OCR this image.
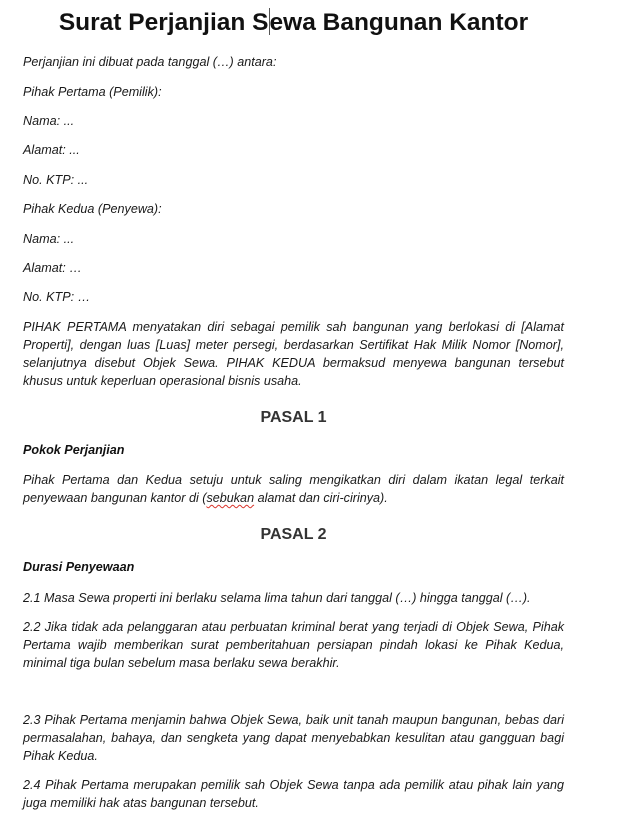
Surat Perjanjian Sewa Bangunan Kantor
Perjanjian ini dibuat pada tanggal (…) antara:
Pihak Pertama (Pemilik):
Nama: ...
Alamat: ...
No. KTP: ...
Pihak Kedua (Penyewa):
Nama: ...
Alamat: …
No. KTP: …
PIHAK PERTAMA menyatakan diri sebagai pemilik sah bangunan yang berlokasi di [Alamat Properti], dengan luas [Luas] meter persegi, berdasarkan Sertifikat Hak Milik Nomor [Nomor], selanjutnya disebut Objek Sewa. PIHAK KEDUA bermaksud menyewa bangunan tersebut khusus untuk keperluan operasional bisnis usaha.
PASAL 1
Pokok Perjanjian
Pihak Pertama dan Kedua setuju untuk saling mengikatkan diri dalam ikatan legal terkait penyewaan bangunan kantor di (sebukan alamat dan ciri-cirinya).
PASAL 2
Durasi Penyewaan
2.1 Masa Sewa properti ini berlaku selama lima tahun dari tanggal (…) hingga tanggal (…).
2.2 Jika tidak ada pelanggaran atau perbuatan kriminal berat yang terjadi di Objek Sewa, Pihak Pertama wajib memberikan surat pemberitahuan persiapan pindah lokasi ke Pihak Kedua, minimal tiga bulan sebelum masa berlaku sewa berakhir.
2.3 Pihak Pertama menjamin bahwa Objek Sewa, baik unit tanah maupun bangunan, bebas dari permasalahan, bahaya, dan sengketa yang dapat menyebabkan kesulitan atau gangguan bagi Pihak Kedua.
2.4 Pihak Pertama merupakan pemilik sah Objek Sewa tanpa ada pemilik atau pihak lain yang juga memiliki hak atas bangunan tersebut.
